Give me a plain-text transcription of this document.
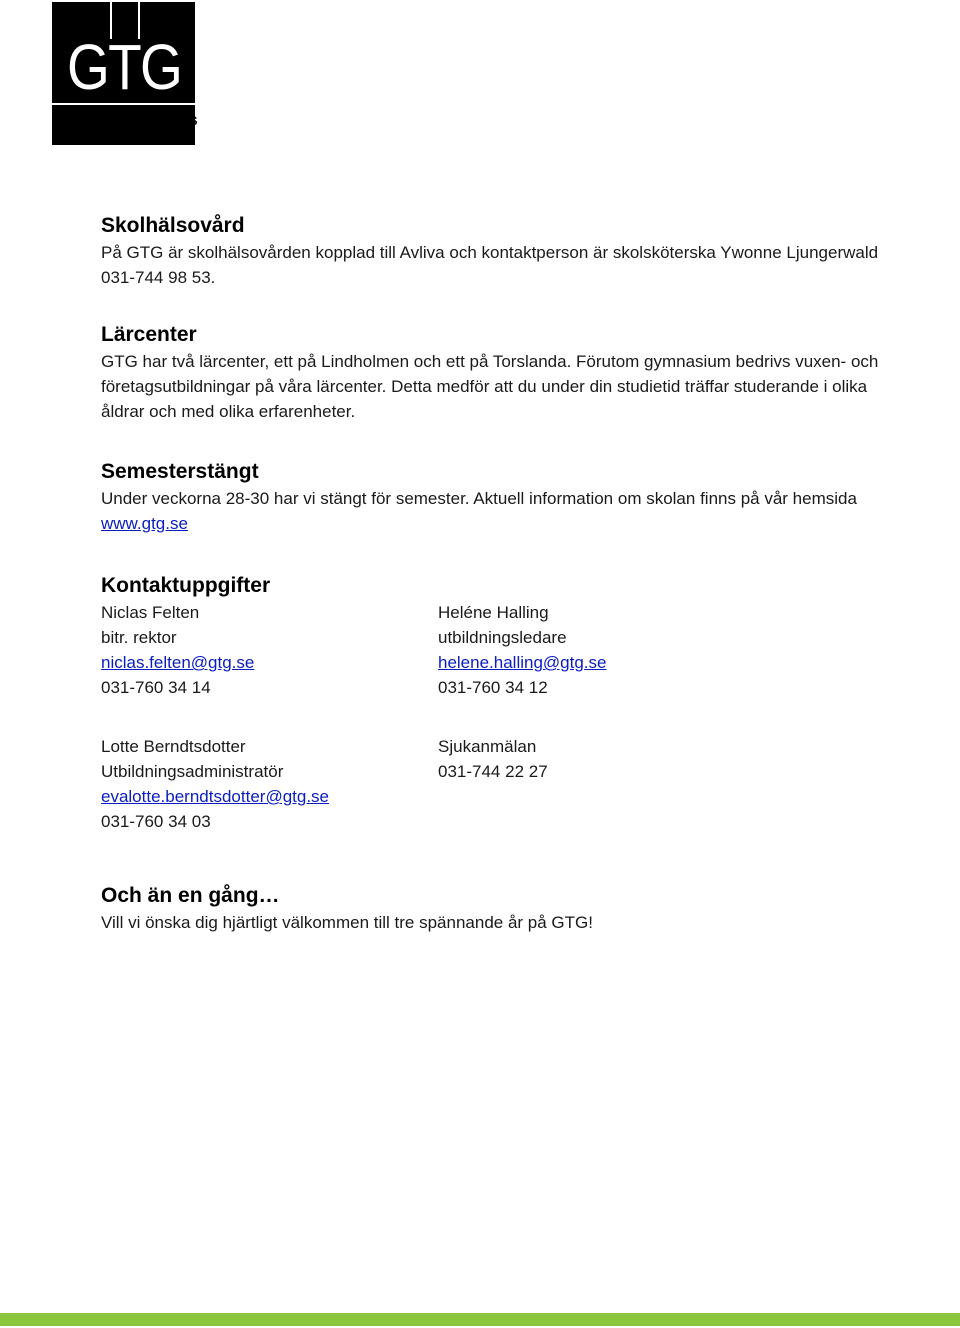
GTG
GÖTEBORGSREGIONENS
TEKNISKA GYMNASIUM
Skolhälsovård

På GTG är skolhälsovården kopplad till Avliva och kontaktperson är skolsköterska Ywonne Ljungerwald 031-744 98 53.

Lärcenter

GTG har två lärcenter, ett på Lindholmen och ett på Torslanda. Förutom gymnasium bedrivs vuxen- och företagsutbildningar på våra lärcenter. Detta medför att du under din studietid träffar studerande i olika åldrar och med olika erfarenheter.

Semesterstängt

Under veckorna 28-30 har vi stängt för semester. Aktuell information om skolan finns på vår hemsida www.gtg.se

Kontaktuppgifter

Niclas Felten

bitr. rektor

niclas.felten@gtg.se

031-760 34 14

Heléne Halling

utbildningsledare

helene.halling@gtg.se

031-760 34 12

Lotte Berndtsdotter

Utbildningsadministratör

evalotte.berndtsdotter@gtg.se

031-760 34 03

Sjukanmälan

031-744 22 27

Och än en gång…

Vill vi önska dig hjärtligt välkommen till tre spännande år på GTG!
